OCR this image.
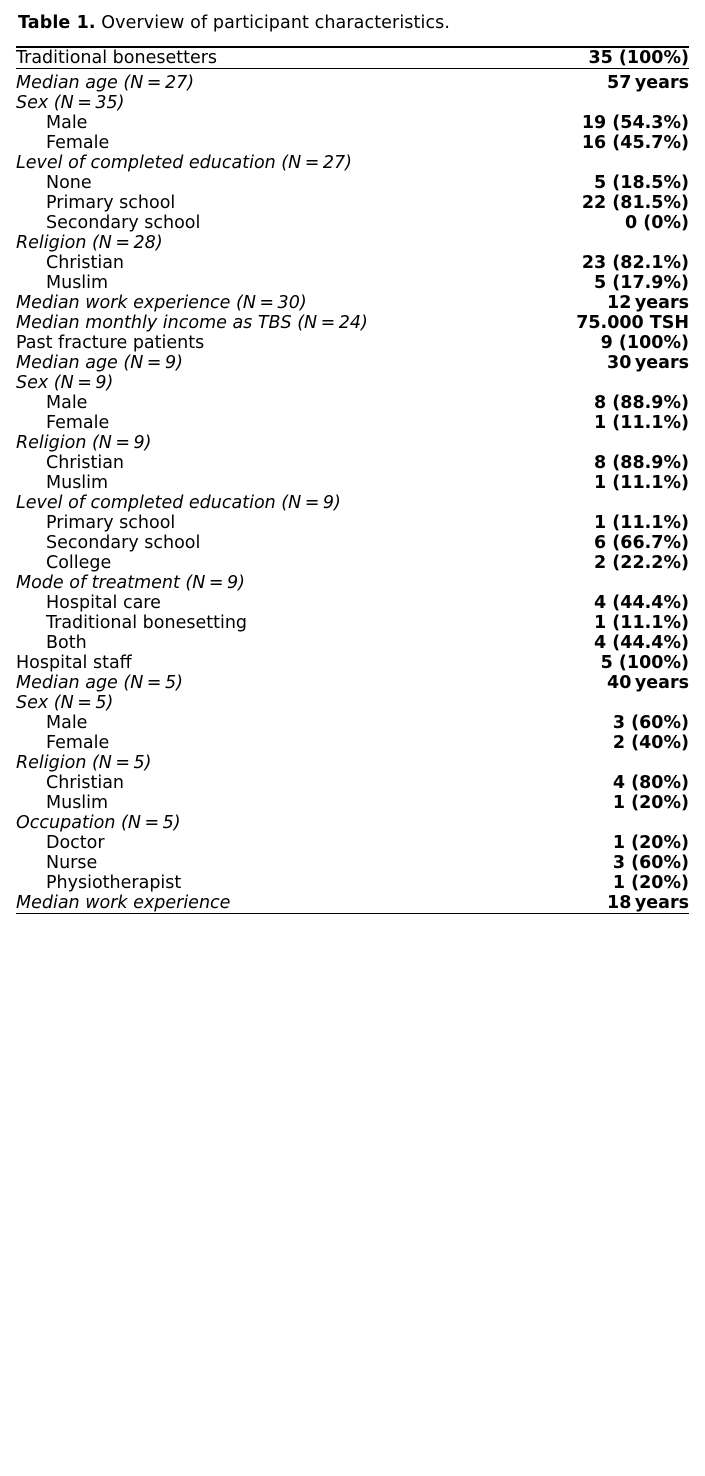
Table 1. Overview of participant characteristics.
Traditional bonesetters	35 (100%)

Median age (N = 27)	57 years
Sex (N = 35)	
Male	19 (54.3%)
Female	16 (45.7%)
Level of completed education (N = 27)	
None	5 (18.5%)
Primary school	22 (81.5%)
Secondary school	0 (0%)
Religion (N = 28)	
Christian	23 (82.1%)
Muslim	5 (17.9%)
Median work experience (N = 30)	12 years
Median monthly income as TBS (N = 24)	75.000 TSH
Past fracture patients	9 (100%)
Median age (N = 9)	30 years
Sex (N = 9)	
Male	8 (88.9%)
Female	1 (11.1%)
Religion (N = 9)	
Christian	8 (88.9%)
Muslim	1 (11.1%)
Level of completed education (N = 9)	
Primary school	1 (11.1%)
Secondary school	6 (66.7%)
College	2 (22.2%)
Mode of treatment (N = 9)	
Hospital care	4 (44.4%)
Traditional bonesetting	1 (11.1%)
Both	4 (44.4%)
Hospital staff	5 (100%)
Median age (N = 5)	40 years
Sex (N = 5)	
Male	3 (60%)
Female	2 (40%)
Religion (N = 5)	
Christian	4 (80%)
Muslim	1 (20%)
Occupation (N = 5)	
Doctor	1 (20%)
Nurse	3 (60%)
Physiotherapist	1 (20%)
Median work experience	18 years
